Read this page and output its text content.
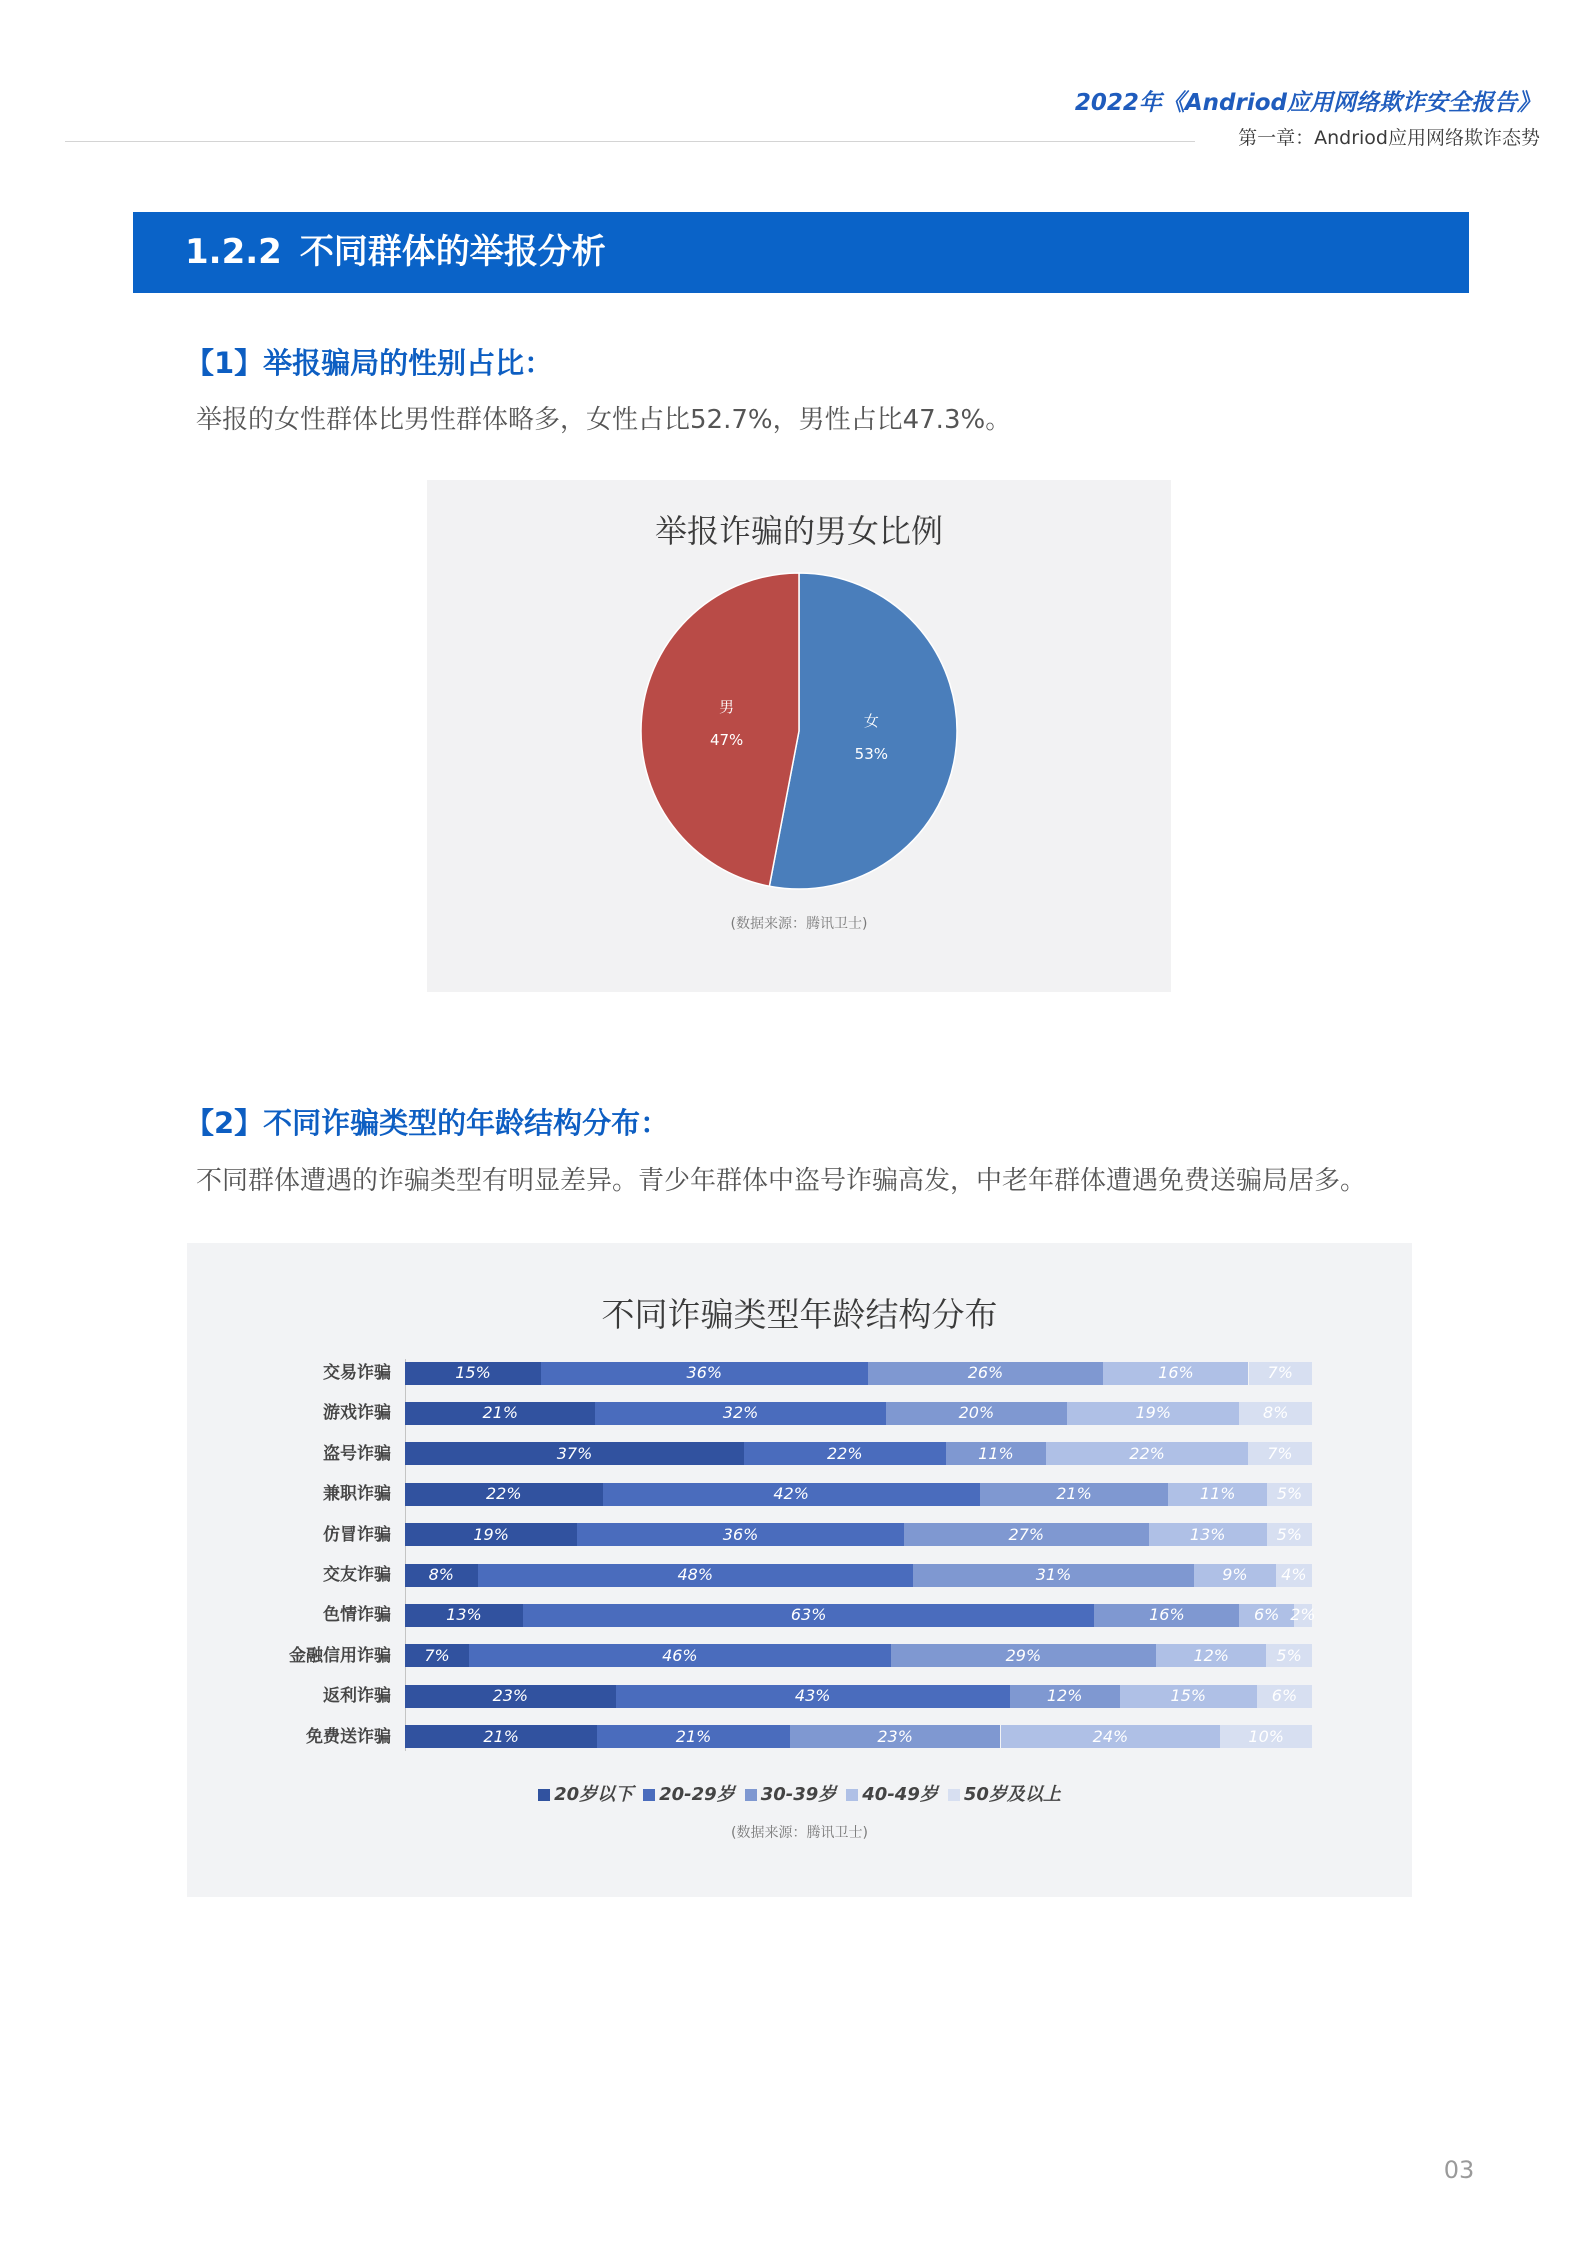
2022年《Andriod应用网络欺诈安全报告》
第一章：Andriod应用网络欺诈态势
1.2.2 不同群体的举报分析
【1】举报骗局的性别占比：
举报的女性群体比男性群体略多，女性占比52.7%，男性占比47.3%。
举报诈骗的男女比例
(数据来源：腾讯卫士)
女
53%
男
47%
【2】不同诈骗类型的年龄结构分布：
不同群体遭遇的诈骗类型有明显差异。青少年群体中盗号诈骗高发，中老年群体遭遇免费送骗局居多。
不同诈骗类型年龄结构分布
20岁以下 20-29岁 30-39岁 40-49岁 50岁及以上
(数据来源：腾讯卫士)
交易诈骗	15%	36%	26%	16%	7%
游戏诈骗	21%	32%	20%	19%	8%
盗号诈骗	37%	22%	11%	22%	7%
兼职诈骗	22%	42%	21%	11%	5%
仿冒诈骗	19%	36%	27%	13%	5%
交友诈骗 8%	48%	31%	9% 4%
色情诈骗	13%	63%	16%	6% 2%
金融信用诈骗 7%	46%	29%	12%	5%
返利诈骗	23%	43%	12%	15%	6%
免费送诈骗	21%	21%	23%	24%	10%
03
